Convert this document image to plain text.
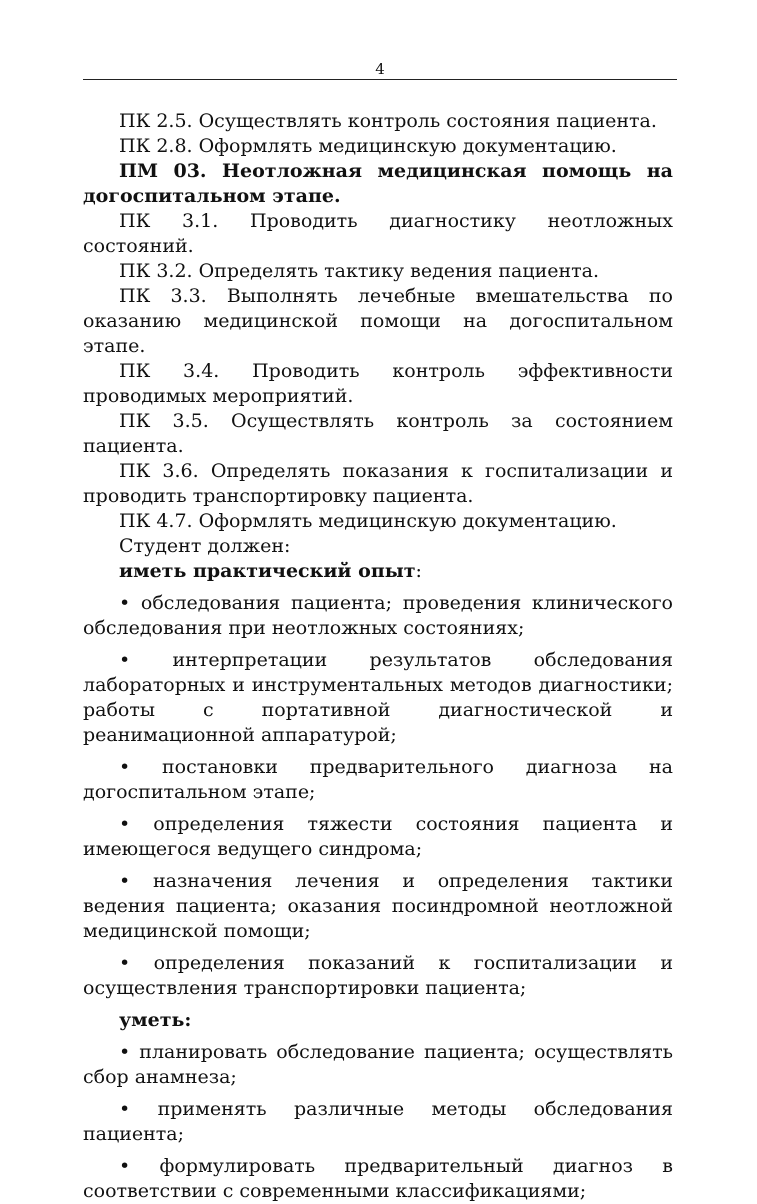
4

ПК 2.5. Осуществлять контроль состояния пациента.

ПК 2.8. Оформлять медицинскую документацию.

ПМ 03. Неотложная медицинская помощь на догоспитальном этапе.

ПК 3.1. Проводить диагностику неотложных состояний.

ПК 3.2. Определять тактику ведения пациента.

ПК 3.3. Выполнять лечебные вмешательства по оказанию медицинской помощи на догоспитальном этапе.

ПК 3.4. Проводить контроль эффективности проводимых мероприятий.

ПК 3.5. Осуществлять контроль за состоянием пациента.

ПК 3.6. Определять показания к госпитализации и проводить транспортировку пациента.

ПК 4.7. Оформлять медицинскую документацию.

Студент должен:

иметь практический опыт:

• обследования пациента; проведения клинического обследования при неотложных состояниях;

• интерпретации результатов обследования лабораторных и инструментальных методов диагностики; работы с портативной диагностической и реанимационной аппаратурой;

• постановки предварительного диагноза на догоспитальном этапе;

• определения тяжести состояния пациента и имеющегося ведущего синдрома;

• назначения лечения и определения тактики ведения пациента; оказания посиндромной неотложной медицинской помощи;

• определения показаний к госпитализации и осуществления транспортировки пациента;

уметь:

• планировать обследование пациента; осуществлять сбор анамнеза;

• применять различные методы обследования пациента;

• формулировать предварительный диагноз в соответствии с современными классификациями;
